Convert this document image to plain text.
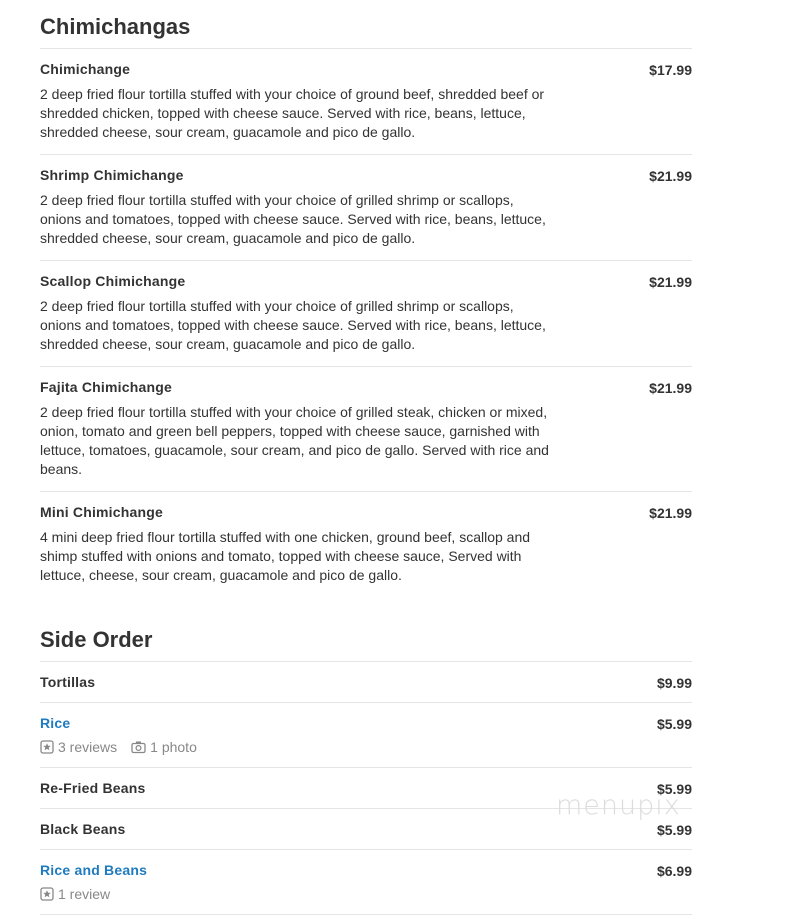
Chimichangas
Chimichange	$17.99
2 deep fried flour tortilla stuffed with your choice of ground beef, shredded beef or shredded chicken, topped with cheese sauce. Served with rice, beans, lettuce, shredded cheese, sour cream, guacamole and pico de gallo.
Shrimp Chimichange	$21.99
2 deep fried flour tortilla stuffed with your choice of grilled shrimp or scallops, onions and tomatoes, topped with cheese sauce. Served with rice, beans, lettuce, shredded cheese, sour cream, guacamole and pico de gallo.
Scallop Chimichange	$21.99
2 deep fried flour tortilla stuffed with your choice of grilled shrimp or scallops, onions and tomatoes, topped with cheese sauce. Served with rice, beans, lettuce, shredded cheese, sour cream, guacamole and pico de gallo.
Fajita Chimichange	$21.99
2 deep fried flour tortilla stuffed with your choice of grilled steak, chicken or mixed, onion, tomato and green bell peppers, topped with cheese sauce, garnished with lettuce, tomatoes, guacamole, sour cream, and pico de gallo. Served with rice and beans.
Mini Chimichange	$21.99
4 mini deep fried flour tortilla stuffed with one chicken, ground beef, scallop and shimp stuffed with onions and tomato, topped with cheese sauce, Served with lettuce, cheese, sour cream, guacamole and pico de gallo.
Side Order
Tortillas	$9.99
Rice	$5.99
3 reviews 1 photo
Re-Fried Beans	$5.99
Black Beans	$5.99
Rice and Beans	$6.99
1 review
menupix
